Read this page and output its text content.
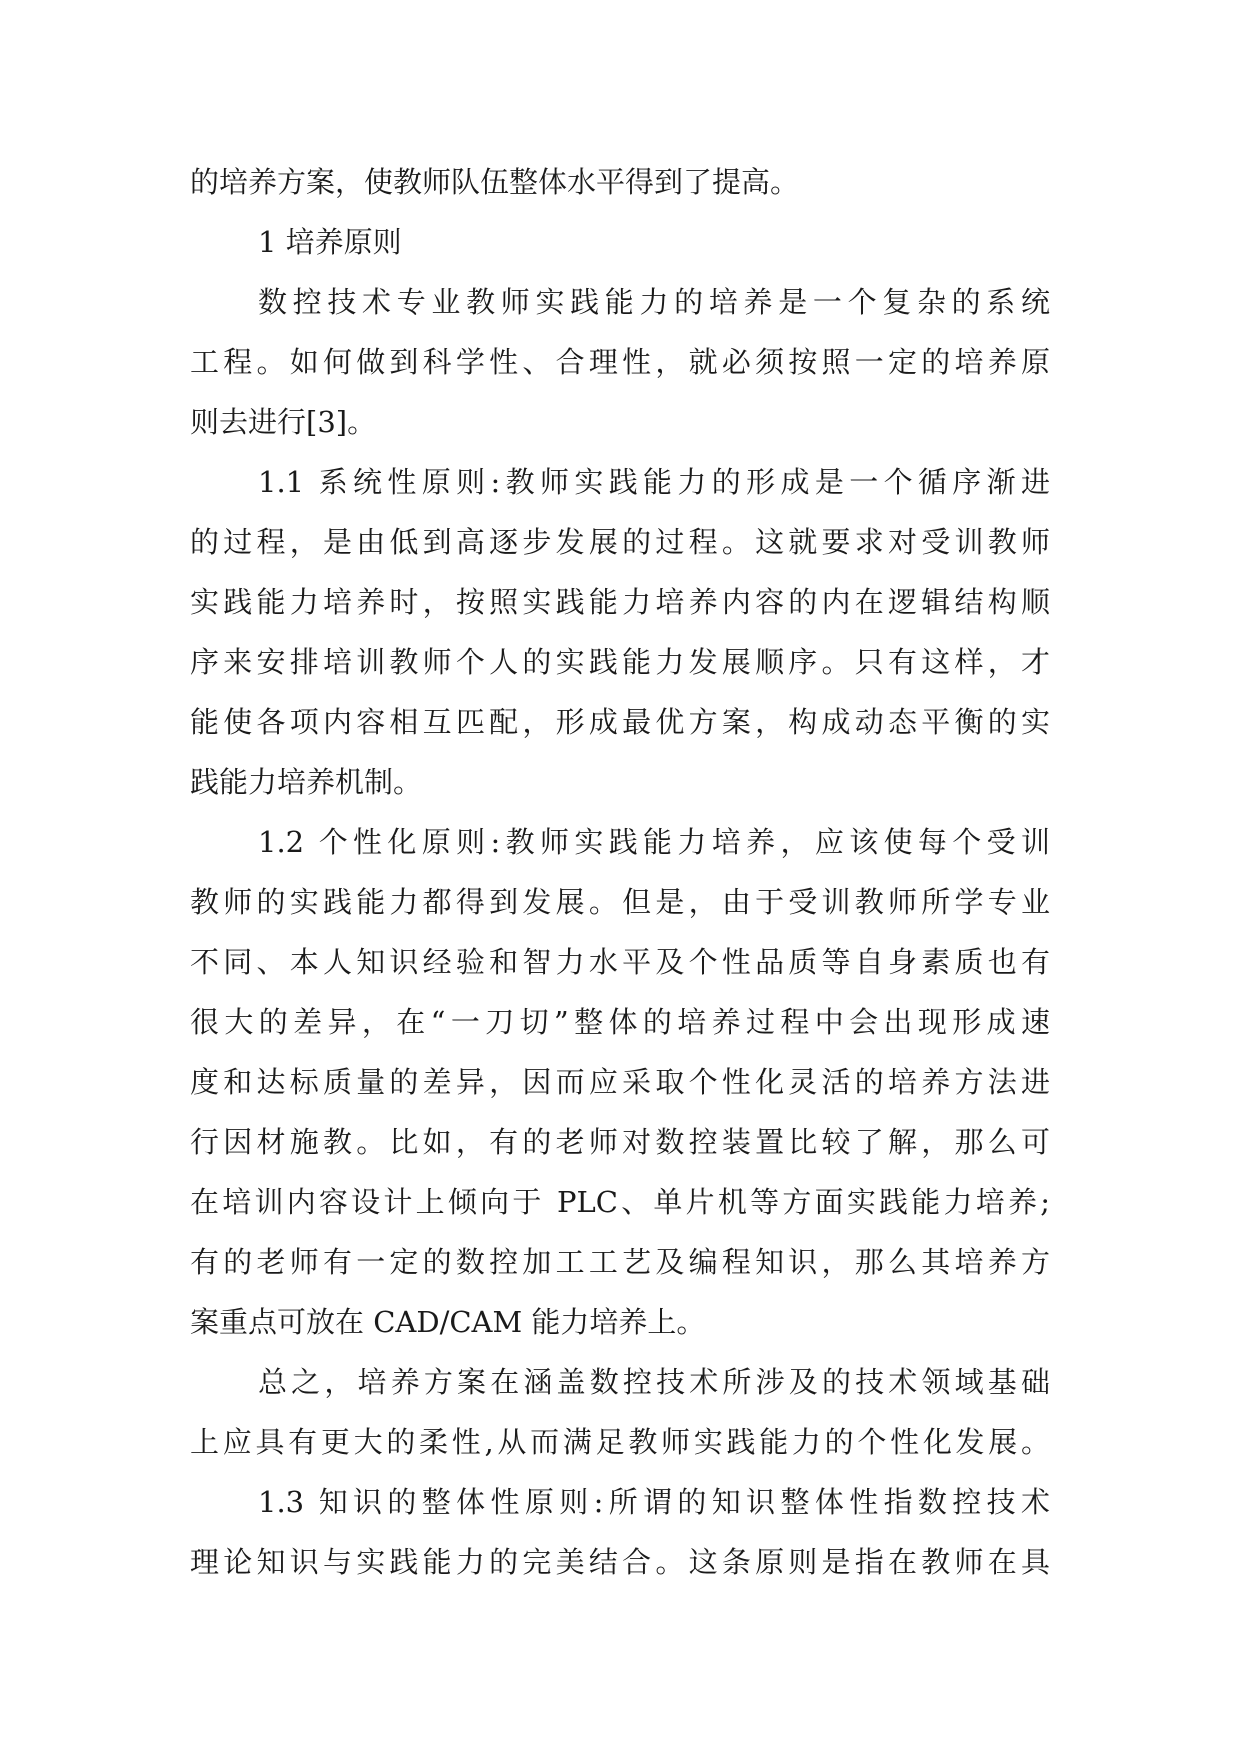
的培养方案，使教师队伍整体水平得到了提高。
1 培养原则
数控技术专业教师实践能力的培养是一个复杂的系统
工程。如何做到科学性、合理性，就必须按照一定的培养原
则去进行[3]。
1.1 系统性原则:教师实践能力的形成是一个循序渐进
的过程，是由低到高逐步发展的过程。这就要求对受训教师
实践能力培养时，按照实践能力培养内容的内在逻辑结构顺
序来安排培训教师个人的实践能力发展顺序。只有这样，才
能使各项内容相互匹配，形成最优方案，构成动态平衡的实
践能力培养机制。
1.2 个性化原则:教师实践能力培养，应该使每个受训
教师的实践能力都得到发展。但是，由于受训教师所学专业
不同、本人知识经验和智力水平及个性品质等自身素质也有
很大的差异，在“一刀切”整体的培养过程中会出现形成速
度和达标质量的差异，因而应采取个性化灵活的培养方法进
行因材施教。比如，有的老师对数控装置比较了解，那么可
在培训内容设计上倾向于 PLC、单片机等方面实践能力培养;
有的老师有一定的数控加工工艺及编程知识，那么其培养方
案重点可放在 CAD/CAM 能力培养上。
总之，培养方案在涵盖数控技术所涉及的技术领域基础
上应具有更大的柔性,从而满足教师实践能力的个性化发展。
1.3 知识的整体性原则:所谓的知识整体性指数控技术
理论知识与实践能力的完美结合。这条原则是指在教师在具
